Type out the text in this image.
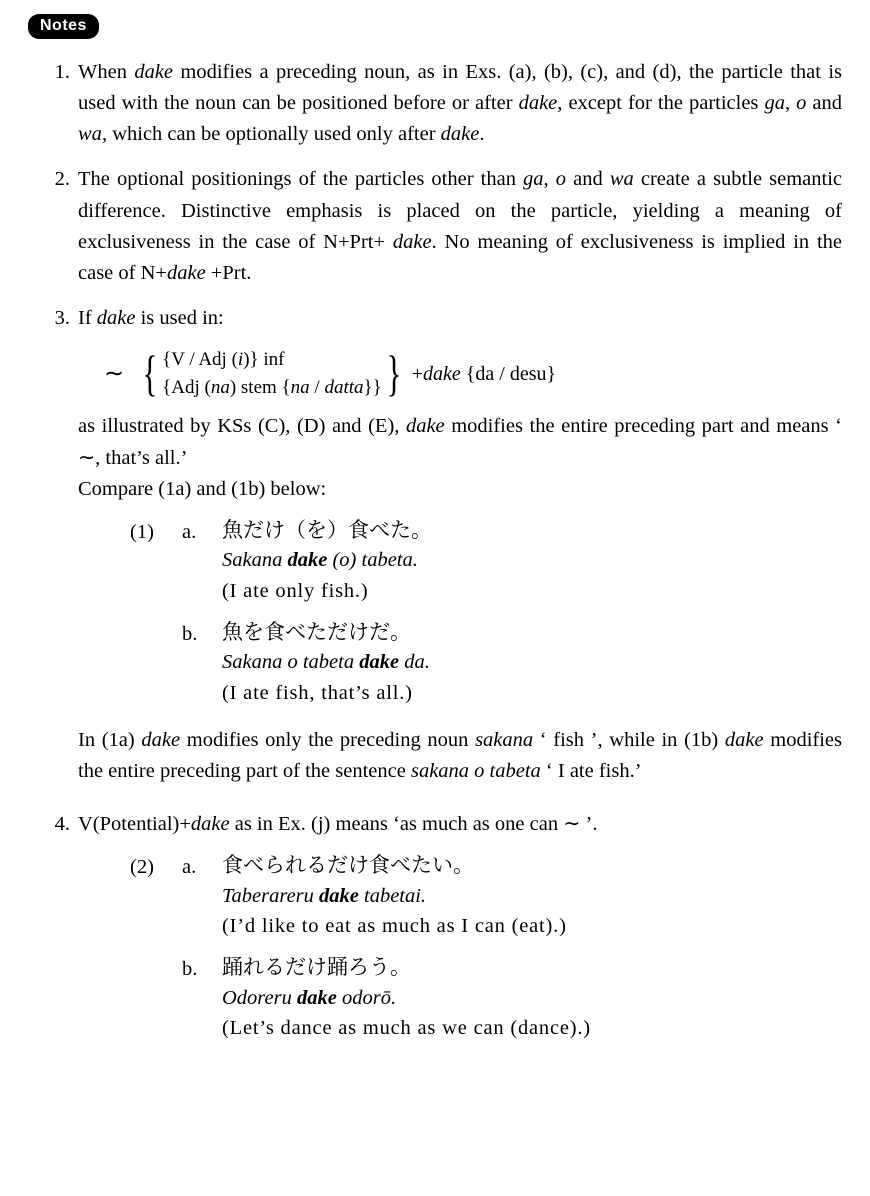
Notes
1. When dake modifies a preceding noun, as in Exs. (a), (b), (c), and (d), the particle that is used with the noun can be positioned before or after dake, except for the particles ga, o and wa, which can be optionally used only after dake.
2. The optional positionings of the particles other than ga, o and wa create a subtle semantic difference. Distinctive emphasis is placed on the particle, yielding a meaning of exclusiveness in the case of N+Prt+ dake. No meaning of exclusiveness is implied in the case of N+dake +Prt.
3. If dake is used in:
∼ { {V / Adj (i)} inf
{Adj (na) stem {na / datta}} } +dake {da / desu}
as illustrated by KSs (C), (D) and (E), dake modifies the entire preceding part and means ‘ ∼, that’s all.’
Compare (1a) and (1b) below:
(1)	a.	魚だけ（を）食べた。
Sakana dake (o) tabeta.
(I ate only fish.)
b.	魚を食べただけだ。
Sakana o tabeta dake da.
(I ate fish, that’s all.)
In (1a) dake modifies only the preceding noun sakana ‘ fish ’, while in (1b) dake modifies the entire preceding part of the sentence sakana o tabeta ‘ I ate fish.’
4. V(Potential)+dake as in Ex. (j) means ‘as much as one can ∼ ’.
(2)	a.	食べられるだけ食べたい。
Taberareru dake tabetai.
(I’d like to eat as much as I can (eat).)
b.	踊れるだけ踊ろう。
Odoreru dake odorō.
(Let’s dance as much as we can (dance).)
